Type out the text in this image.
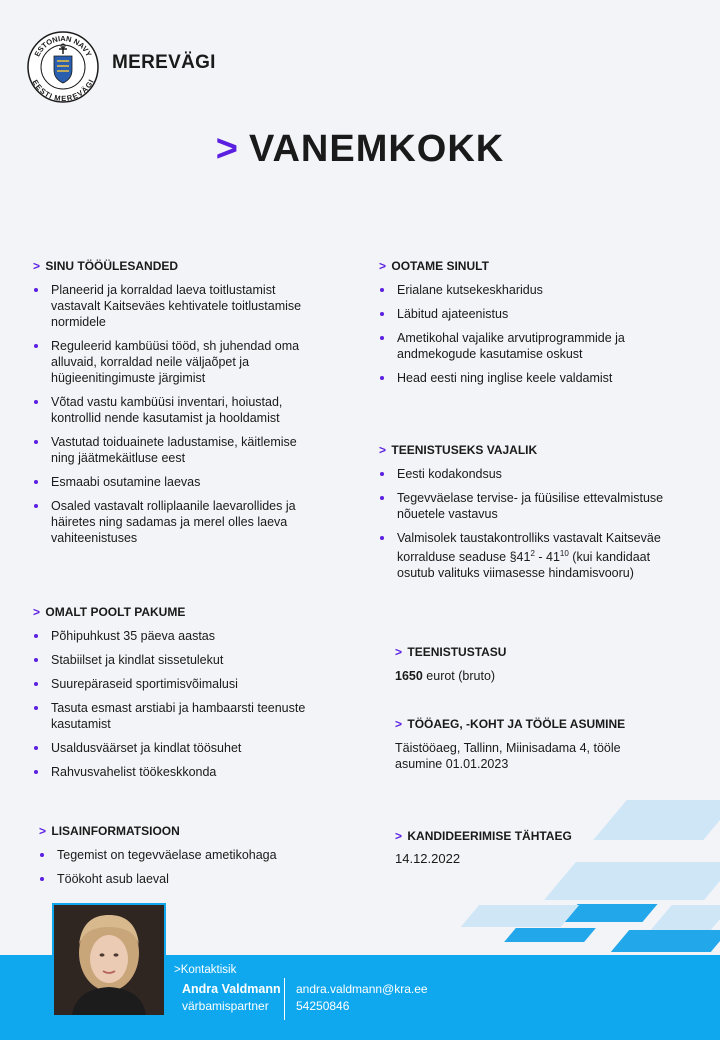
ESTONIAN NAVY
EESTI MEREVÄGI
MEREVÄGI
> VANEMKOKK
> SINU TÖÖÜLESANDED
Planeerid ja korraldad laeva toitlustamist vastavalt Kaitseväes kehtivatele toitlustamise normidele
Reguleerid kambüüsi tööd, sh juhendad oma alluvaid, korraldad neile väljaõpet ja hügieenitingimuste järgimist
Võtad vastu kambüüsi inventari, hoiustad, kontrollid nende kasutamist ja hooldamist
Vastutad toiduainete ladustamise, käitlemise ning jäätmekäitluse eest
Esmaabi osutamine laevas
Osaled vastavalt rolliplaanile laevarollides ja häiretes ning sadamas ja merel olles laeva vahiteenistuses
> OMALT POOLT PAKUME
Põhipuhkust 35 päeva aastas
Stabiilset ja kindlat sissetulekut
Suurepäraseid sportimisvõimalusi
Tasuta esmast arstiabi ja hambaarsti teenuste kasutamist
Usaldusväärset ja kindlat töösuhet
Rahvusvahelist töökeskkonda
> LISAINFORMATSIOON
Tegemist on tegevväelase ametikohaga
Töökoht asub laeval
> OOTAME SINULT
Erialane kutsekeskharidus
Läbitud ajateenistus
Ametikohal vajalike arvutiprogrammide ja andmekogude kasutamise oskust
Head eesti ning inglise keele valdamist
> TEENISTUSEKS VAJALIK
Eesti kodakondsus
Tegevväelase tervise- ja füüsilise ettevalmistuse nõuetele vastavus
Valmisolek taustakontrolliks vastavalt Kaitseväe korralduse seaduse $\S 41^2 - 41^{10}$ (kui kandidaat osutub valituks viimasesse hindamisvooru)
> TEENISTUSTASU
1650 eurot (bruto)
> TÖÖAEG, -KOHT JA TÖÖLE ASUMINE
Täistööaeg, Tallinn, Miinisadama 4, tööle asumine 01.01.2023
> KANDIDEERIMISE TÄHTAEG
14.12.2022
>Kontaktisik
Andra Valdmann
värbamispartner
andra.valdmann@kra.ee
54250846
